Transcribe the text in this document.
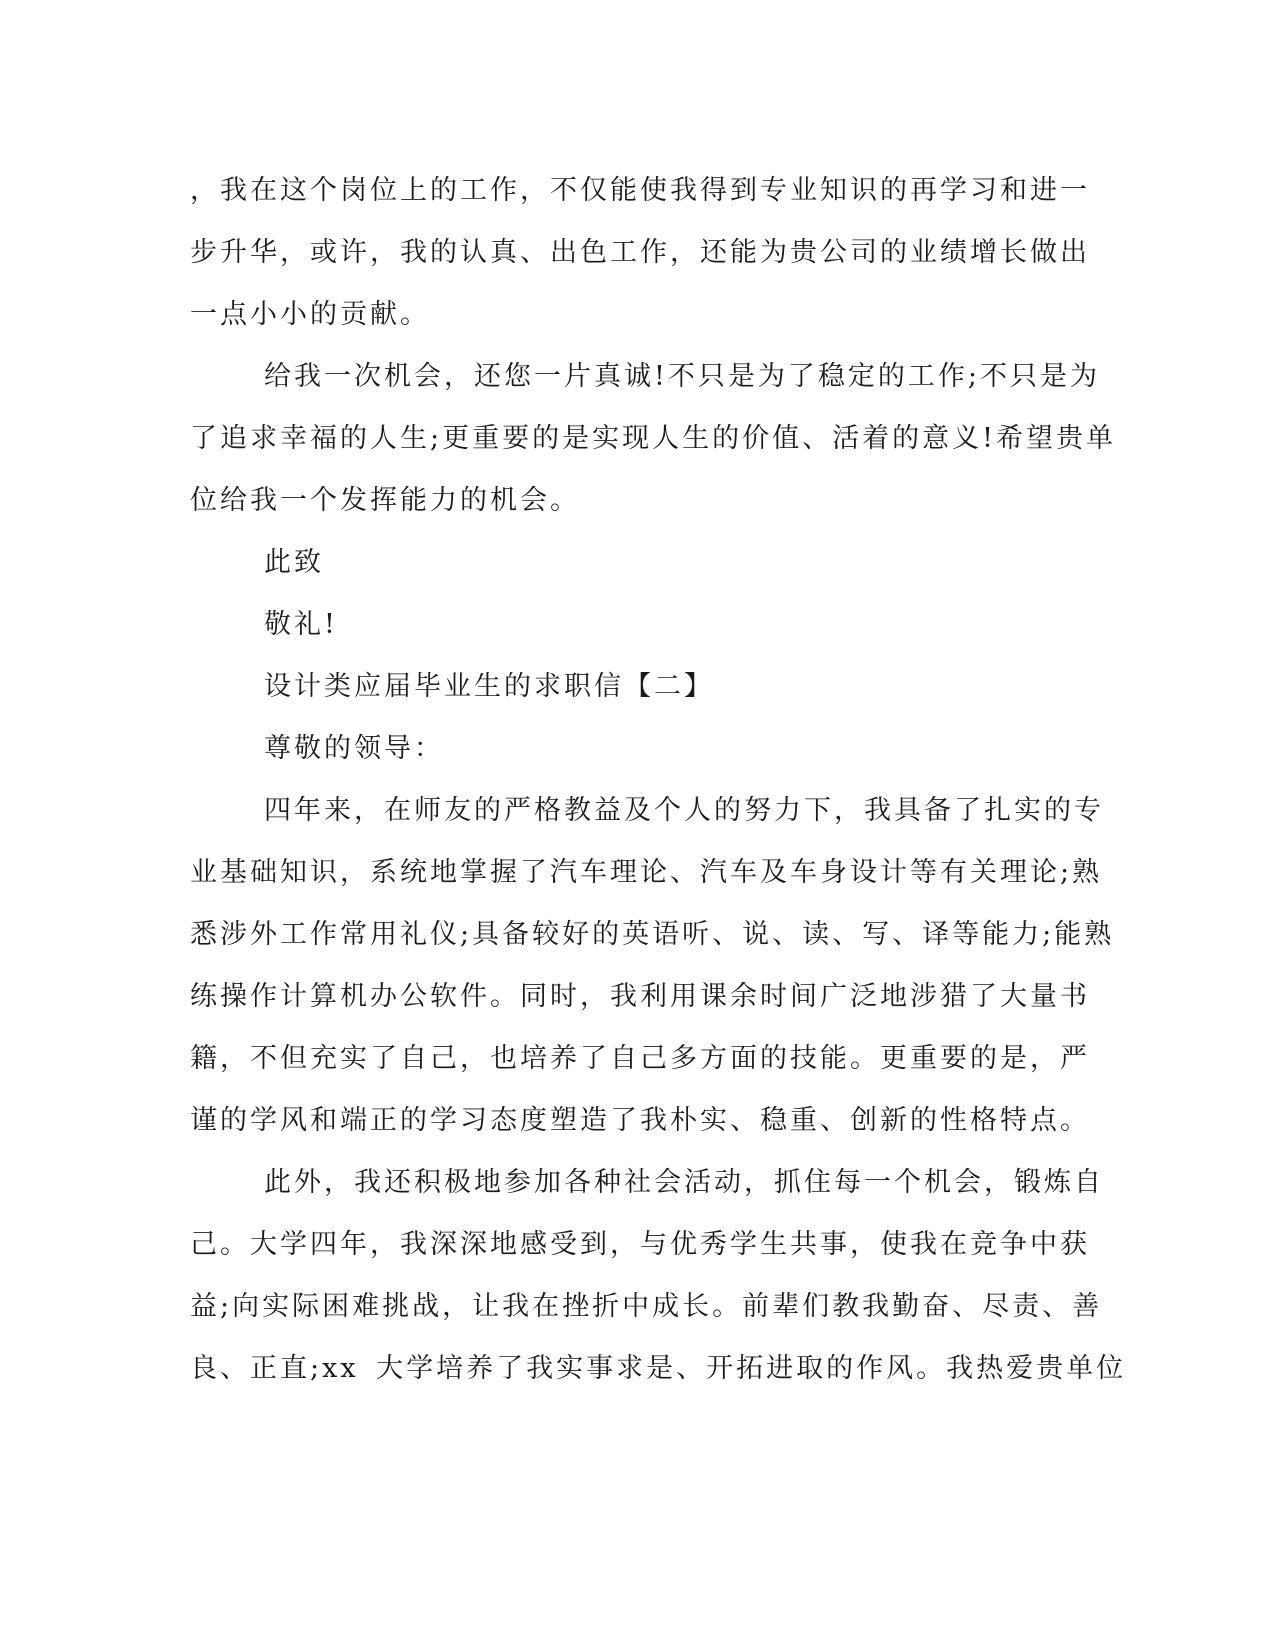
，我在这个岗位上的工作，不仅能使我得到专业知识的再学习和进一
步升华，或许，我的认真、出色工作，还能为贵公司的业绩增长做出
一点小小的贡献。
给我一次机会，还您一片真诚!不只是为了稳定的工作;不只是为
了追求幸福的人生;更重要的是实现人生的价值、活着的意义!希望贵单
位给我一个发挥能力的机会。
此致
敬礼!
设计类应届毕业生的求职信【二】
尊敬的领导：
四年来，在师友的严格教益及个人的努力下，我具备了扎实的专
业基础知识，系统地掌握了汽车理论、汽车及车身设计等有关理论;熟
悉涉外工作常用礼仪;具备较好的英语听、说、读、写、译等能力;能熟
练操作计算机办公软件。同时，我利用课余时间广泛地涉猎了大量书
籍，不但充实了自己，也培养了自己多方面的技能。更重要的是，严
谨的学风和端正的学习态度塑造了我朴实、稳重、创新的性格特点。
此外，我还积极地参加各种社会活动，抓住每一个机会，锻炼自
己。大学四年，我深深地感受到，与优秀学生共事，使我在竞争中获
益;向实际困难挑战，让我在挫折中成长。前辈们教我勤奋、尽责、善
良、正直;xx 大学培养了我实事求是、开拓进取的作风。我热爱贵单位
